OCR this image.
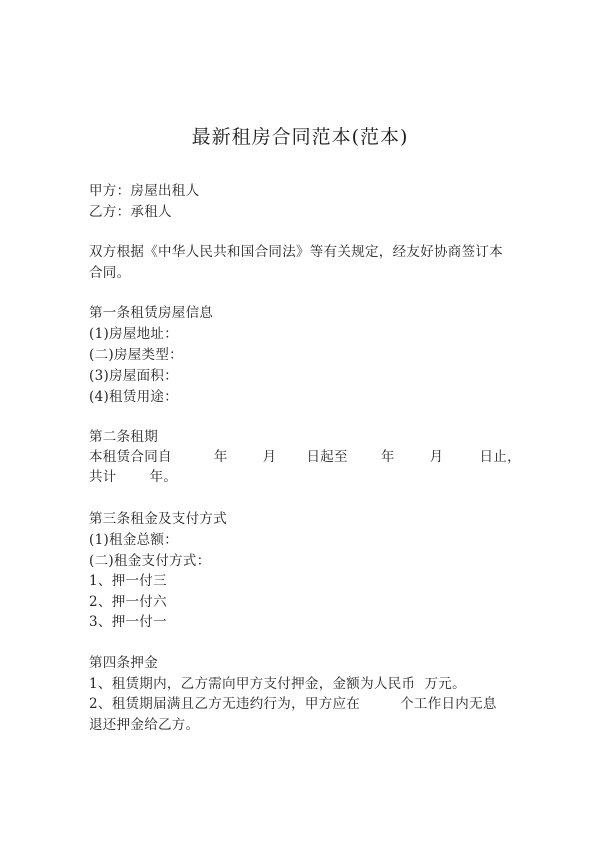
最新租房合同范本(范本)
甲方：房屋出租人
乙方：承租人
双方根据《中华人民共和国合同法》等有关规定，经友好协商签订本
合同。
第一条租赁房屋信息
(1)房屋地址：
(二)房屋类型：
(3)房屋面积：
(4)租赁用途：
第二条租期
本租赁合同自	年	月 日起至 年	月	日止，
共计 年。
第三条租金及支付方式
(1)租金总额：
(二)租金支付方式：
1、押一付三
2、押一付六
3、押一付一
第四条押金
1、租赁期内，乙方需向甲方支付押金，金额为人民币  万元。
2、租赁期届满且乙方无违约行为，甲方应在	个工作日内无息
退还押金给乙方。
